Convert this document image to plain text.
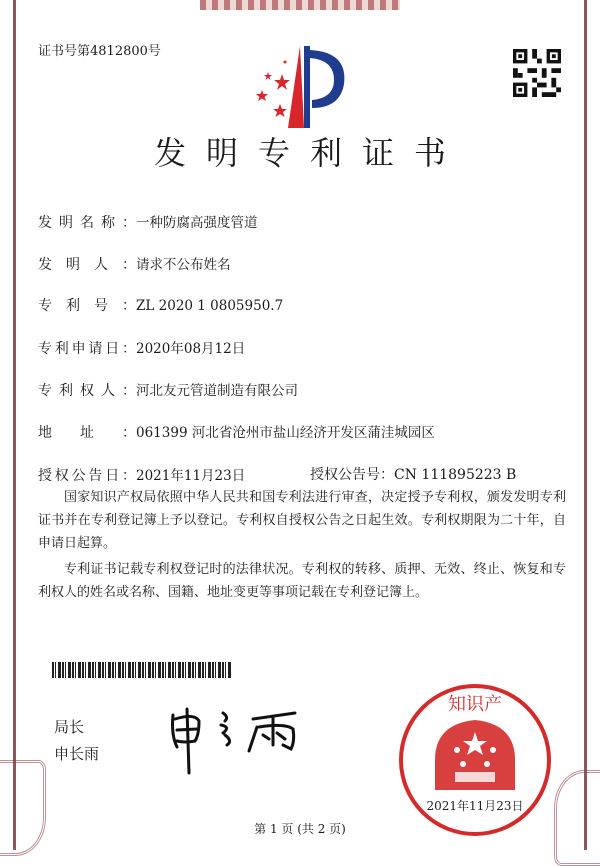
证书号第4812800号
发明专利证书
发明名称：一种防腐高强度管道
发明人：请求不公布姓名
专利号：ZL 2020 1 0805950.7
专利申请日：2020年08月12日
专利权人：河北友元管道制造有限公司
地址：061399 河北省沧州市盐山经济开发区蒲洼城园区
授权公告日：2021年11月23日	授权公告号：CN 111895223 B
国家知识产权局依照中华人民共和国专利法进行审查，决定授予专利权，颁发发明专利证书并在专利登记簿上予以登记。专利权自授权公告之日起生效。专利权期限为二十年，自申请日起算。
专利证书记载专利权登记时的法律状况。专利权的转移、质押、无效、终止、恢复和专利权人的姓名或名称、国籍、地址变更等事项记载在专利登记簿上。
局长
申长雨
知识产
2021年11月23日
第 1 页 (共 2 页)
